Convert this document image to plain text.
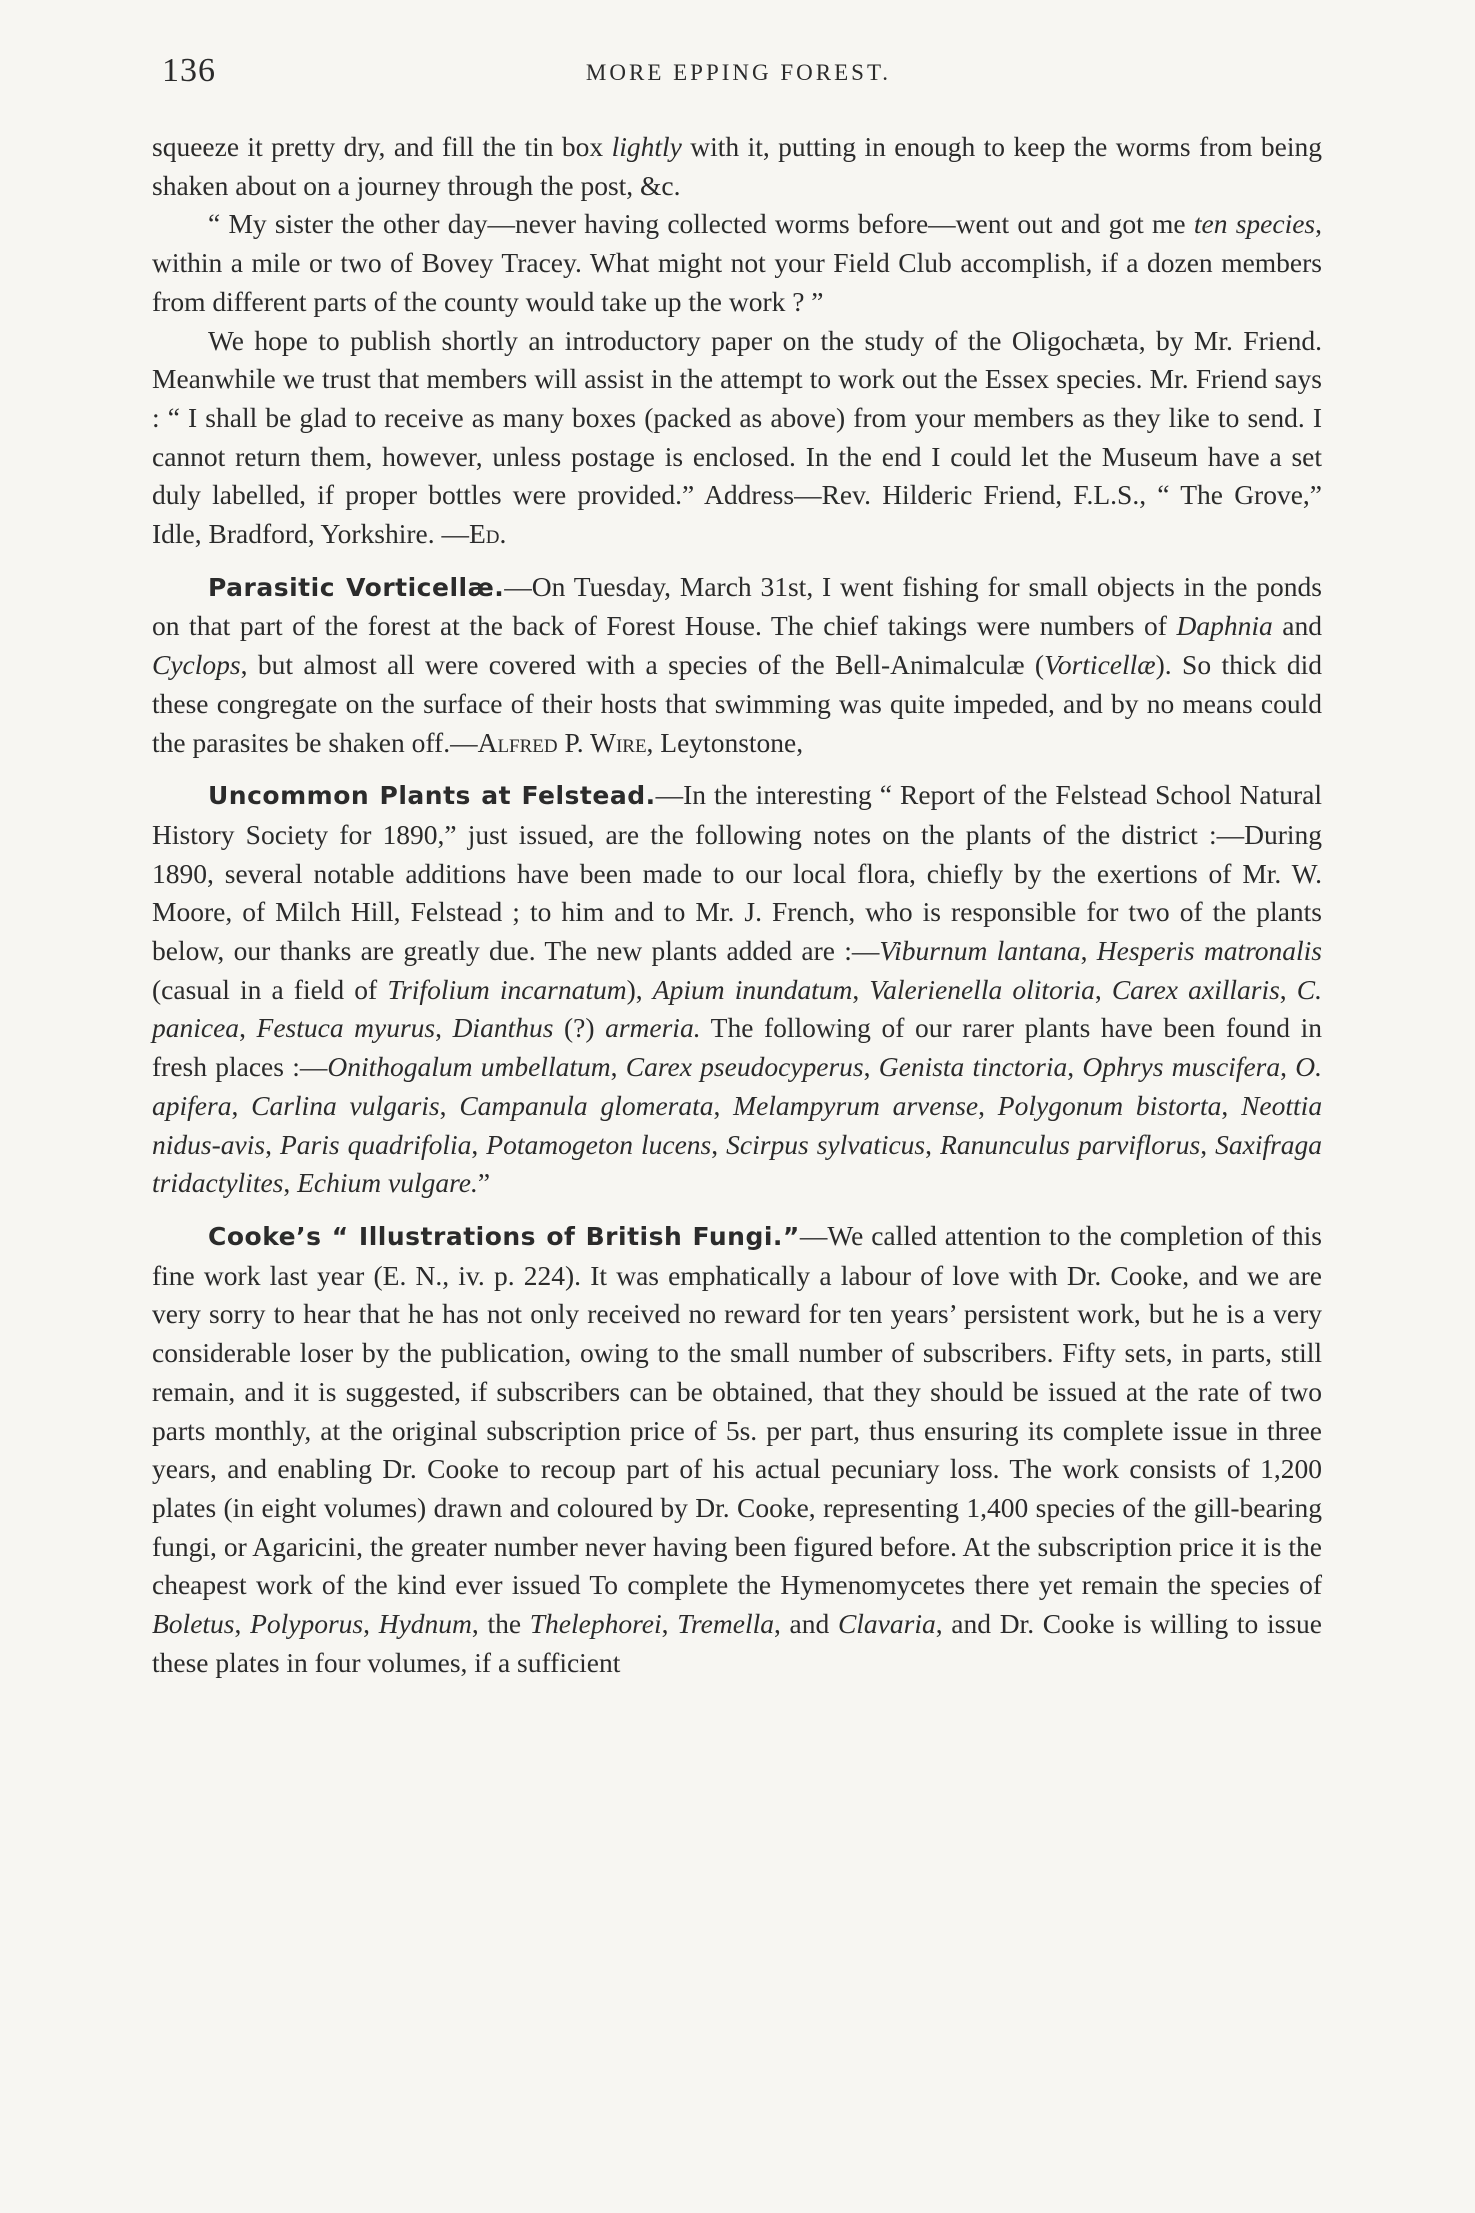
136	MORE EPPING FOREST.

squeeze it pretty dry, and fill the tin box lightly with it, putting in enough to keep the worms from being shaken about on a journey through the post, &c.

“ My sister the other day—never having collected worms before—went out and got me ten species, within a mile or two of Bovey Tracey. What might not your Field Club accomplish, if a dozen members from different parts of the county would take up the work ? ”

We hope to publish shortly an introductory paper on the study of the Oligochæta, by Mr. Friend. Meanwhile we trust that members will assist in the attempt to work out the Essex species. Mr. Friend says : “ I shall be glad to receive as many boxes (packed as above) from your members as they like to send. I cannot return them, however, unless postage is enclosed. In the end I could let the Museum have a set duly labelled, if proper bottles were provided.” Address—Rev. Hilderic Friend, F.L.S., “ The Grove,” Idle, Bradford, Yorkshire. —Ed.

Parasitic Vorticellæ.—On Tuesday, March 31st, I went fishing for small objects in the ponds on that part of the forest at the back of Forest House. The chief takings were numbers of Daphnia and Cyclops, but almost all were covered with a species of the Bell-Animalculæ (Vorticellæ). So thick did these congregate on the surface of their hosts that swimming was quite impeded, and by no means could the parasites be shaken off.—Alfred P. Wire, Leytonstone,

Uncommon Plants at Felstead.—In the interesting “ Report of the Felstead School Natural History Society for 1890,” just issued, are the following notes on the plants of the district :—During 1890, several notable additions have been made to our local flora, chiefly by the exertions of Mr. W. Moore, of Milch Hill, Felstead ; to him and to Mr. J. French, who is responsible for two of the plants below, our thanks are greatly due. The new plants added are :—Viburnum lantana, Hesperis matronalis (casual in a field of Trifolium incarnatum), Apium inundatum, Valerienella olitoria, Carex axillaris, C. panicea, Festuca myurus, Dianthus (?) armeria. The following of our rarer plants have been found in fresh places :—Onithogalum umbellatum, Carex pseudocyperus, Genista tinctoria, Ophrys muscifera, O. apifera, Carlina vulgaris, Campanula glomerata, Melampyrum arvense, Polygonum bistorta, Neottia nidus-avis, Paris quadrifolia, Potamogeton lucens, Scirpus sylvaticus, Ranunculus parviflorus, Saxifraga tridactylites, Echium vulgare.”

Cooke’s “ Illustrations of British Fungi.”—We called attention to the completion of this fine work last year (E. N., iv. p. 224). It was emphatically a labour of love with Dr. Cooke, and we are very sorry to hear that he has not only received no reward for ten years’ persistent work, but he is a very considerable loser by the publication, owing to the small number of subscribers. Fifty sets, in parts, still remain, and it is suggested, if subscribers can be obtained, that they should be issued at the rate of two parts monthly, at the original subscription price of 5s. per part, thus ensuring its complete issue in three years, and enabling Dr. Cooke to recoup part of his actual pecuniary loss. The work consists of 1,200 plates (in eight volumes) drawn and coloured by Dr. Cooke, representing 1,400 species of the gill-bearing fungi, or Agaricini, the greater number never having been figured before. At the subscription price it is the cheapest work of the kind ever issued To complete the Hymenomycetes there yet remain the species of Boletus, Polyporus, Hydnum, the Thelephorei, Tremella, and Clavaria, and Dr. Cooke is willing to issue these plates in four volumes, if a sufficient
